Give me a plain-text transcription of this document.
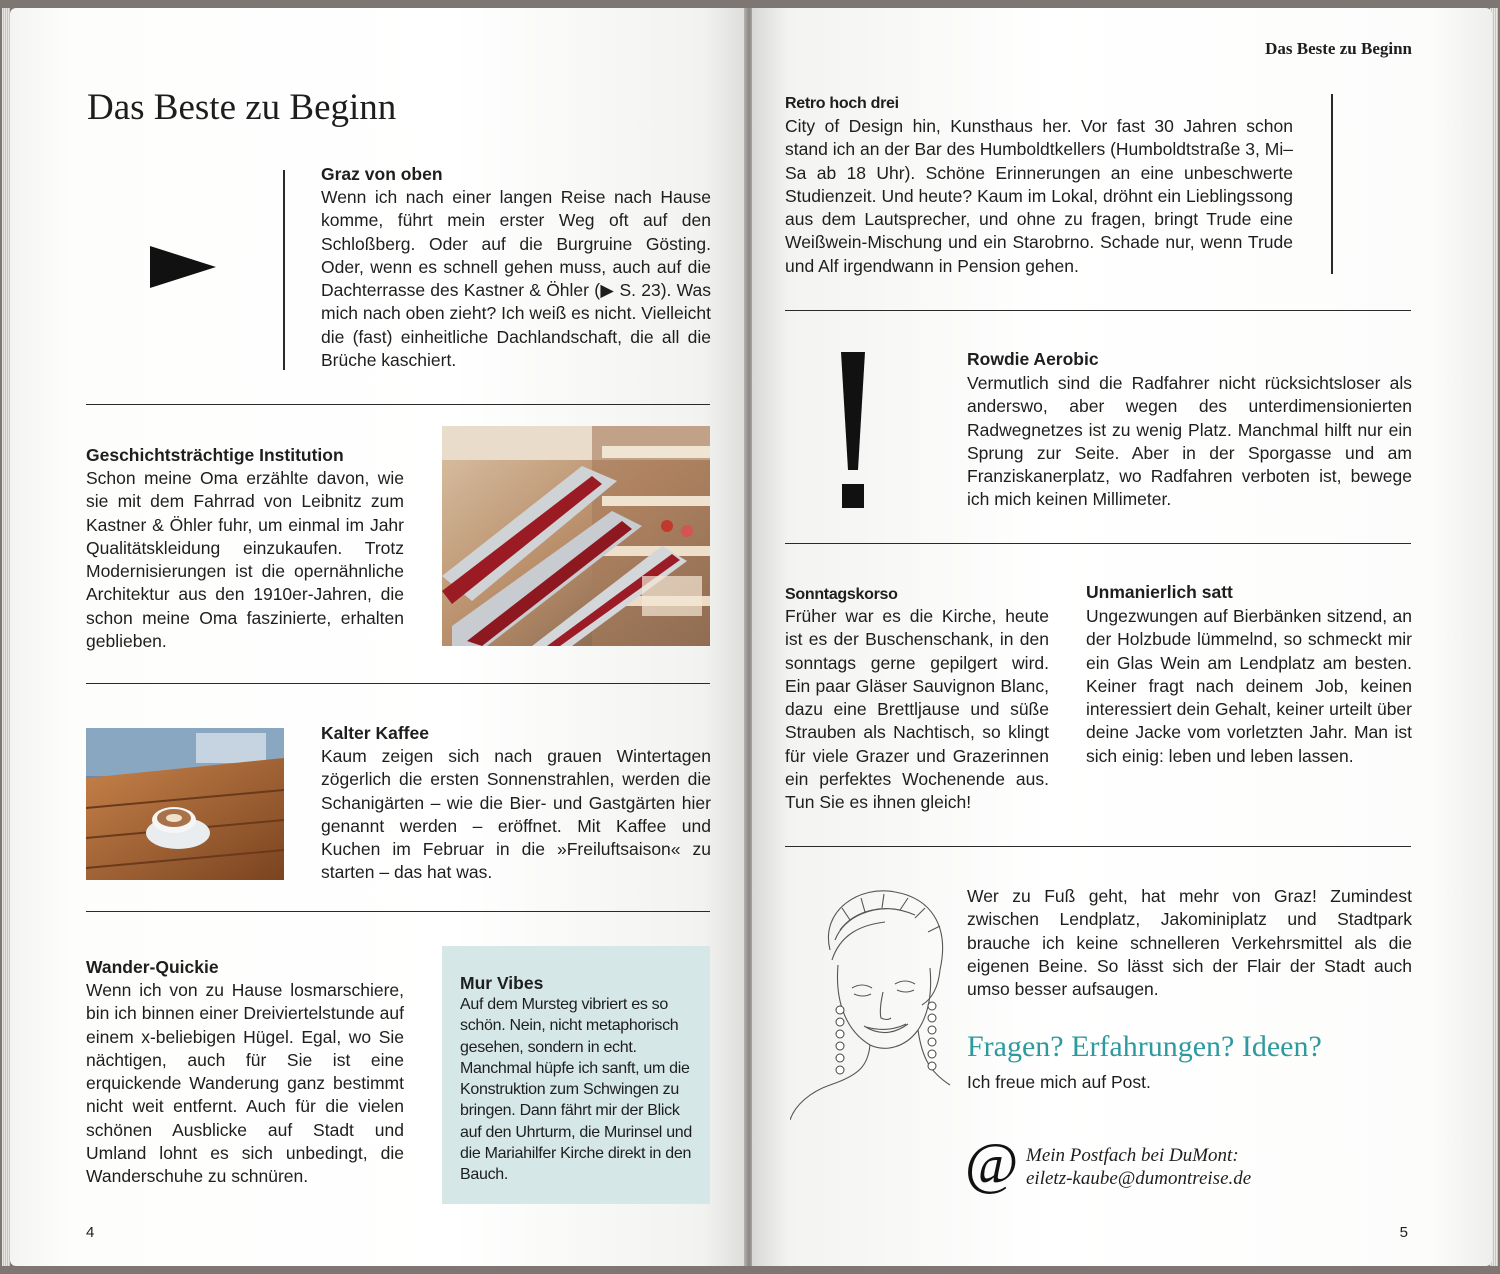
Das Beste zu Beginn
Graz von oben
Wenn ich nach einer langen Reise nach Hause komme, führt mein erster Weg oft auf den Schloßberg. Oder auf die Burgruine Gösting. Oder, wenn es schnell gehen muss, auch auf die Dachterrasse des Kastner & Öhler (▶ S. 23). Was mich nach oben zieht? Ich weiß es nicht. Vielleicht die (fast) einheitliche Dachlandschaft, die all die Brüche kaschiert.
Geschichtsträchtige Institution
Schon meine Oma erzählte davon, wie sie mit dem Fahrrad von Leibnitz zum Kastner & Öhler fuhr, um einmal im Jahr Qualitätskleidung einzukaufen. Trotz Modernisierungen ist die opernähnliche Architektur aus den 1910er-Jahren, die schon meine Oma faszinierte, erhalten geblieben.
Kalter Kaffee
Kaum zeigen sich nach grauen Wintertagen zögerlich die ersten Sonnenstrahlen, werden die Schanigärten – wie die Bier- und Gastgärten hier genannt werden – eröffnet. Mit Kaffee und Kuchen im Februar in die »Freiluftsaison« zu starten – das hat was.
Wander-Quickie
Wenn ich von zu Hause losmarschiere, bin ich binnen einer Dreiviertelstunde auf einem x-beliebigen Hügel. Egal, wo Sie nächtigen, auch für Sie ist eine erquickende Wanderung ganz bestimmt nicht weit entfernt. Auch für die vielen schönen Ausblicke auf Stadt und Umland lohnt es sich unbedingt, die Wanderschuhe zu schnüren.
Mur Vibes
Auf dem Mursteg vibriert es so schön. Nein, nicht metaphorisch gesehen, sondern in echt. Manchmal hüpfe ich sanft, um die Konstruktion zum Schwingen zu bringen. Dann fährt mir der Blick auf den Uhrturm, die Murinsel und die Mariahilfer Kirche direkt in den Bauch.
4
Das Beste zu Beginn
Retro hoch drei
City of Design hin, Kunsthaus her. Vor fast 30 Jahren schon stand ich an der Bar des Humboldtkellers (Humboldtstraße 3, Mi–Sa ab 18 Uhr). Schöne Erinnerungen an eine unbeschwerte Studienzeit. Und heute? Kaum im Lokal, dröhnt ein Lieblingssong aus dem Lautsprecher, und ohne zu fragen, bringt Trude eine Weißwein-Mischung und ein Starobrno. Schade nur, wenn Trude und Alf irgendwann in Pension gehen.
Rowdie Aerobic
Vermutlich sind die Radfahrer nicht rücksichtsloser als anderswo, aber wegen des unterdimensionierten Radwegnetzes ist zu wenig Platz. Manchmal hilft nur ein Sprung zur Seite. Aber in der Sporgasse und am Franziskanerplatz, wo Radfahren verboten ist, bewege ich mich keinen Millimeter.
Sonntagskorso
Früher war es die Kirche, heute ist es der Buschenschank, in den sonntags gerne gepilgert wird. Ein paar Gläser Sauvignon Blanc, dazu eine Brettljause und süße Strauben als Nachtisch, so klingt für viele Grazer und Grazerinnen ein perfektes Wochenende aus. Tun Sie es ihnen gleich!
Unmanierlich satt
Ungezwungen auf Bierbänken sitzend, an der Holzbude lümmelnd, so schmeckt mir ein Glas Wein am Lendplatz am besten. Keiner fragt nach deinem Job, keinen interessiert dein Gehalt, keiner urteilt über deine Jacke vom vorletzten Jahr. Man ist sich einig: leben und leben lassen.
Wer zu Fuß geht, hat mehr von Graz! Zumindest zwischen Lendplatz, Jakominiplatz und Stadtpark brauche ich keine schnelleren Verkehrsmittel als die eigenen Beine. So lässt sich der Flair der Stadt auch umso besser aufsaugen.
Fragen? Erfahrungen? Ideen?
Ich freue mich auf Post.
@ Mein Postfach bei DuMont:
eiletz-kaube@dumontreise.de
5
